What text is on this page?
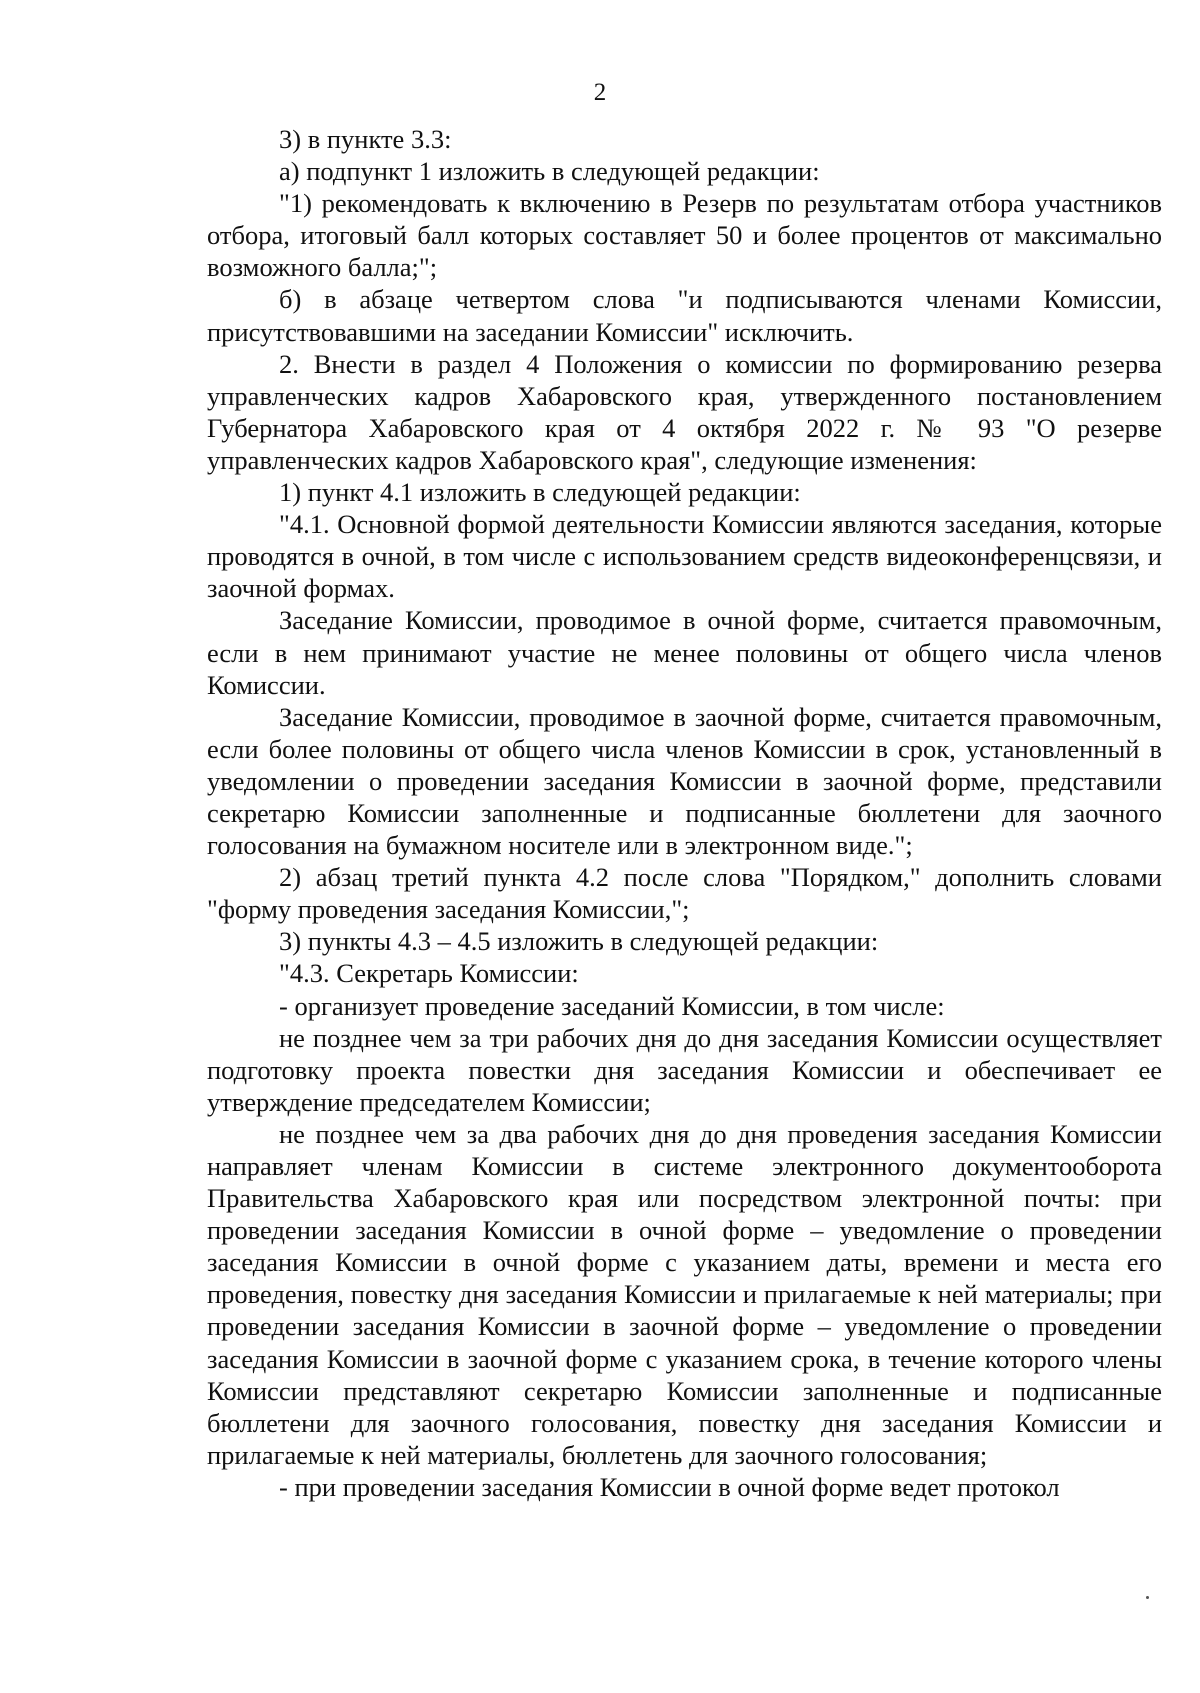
2

3) в пункте 3.3:

а) подпункт 1 изложить в следующей редакции:

"1) рекомендовать к включению в Резерв по результатам отбора участников отбора, итоговый балл которых составляет 50 и более процентов от максимально возможного балла;";

б) в абзаце четвертом слова "и подписываются членами Комиссии, присутствовавшими на заседании Комиссии" исключить.

2. Внести в раздел 4 Положения о комиссии по формированию резерва управленческих кадров Хабаровского края, утвержденного постановлением Губернатора Хабаровского края от 4 октября 2022 г. № 93 "О резерве управленческих кадров Хабаровского края", следующие изменения:

1) пункт 4.1 изложить в следующей редакции:

"4.1. Основной формой деятельности Комиссии являются заседания, которые проводятся в очной, в том числе с использованием средств видеоконференцсвязи, и заочной формах.

Заседание Комиссии, проводимое в очной форме, считается правомочным, если в нем принимают участие не менее половины от общего числа членов Комиссии.

Заседание Комиссии, проводимое в заочной форме, считается правомочным, если более половины от общего числа членов Комиссии в срок, установленный в уведомлении о проведении заседания Комиссии в заочной форме, представили секретарю Комиссии заполненные и подписанные бюллетени для заочного голосования на бумажном носителе или в электронном виде.";

2) абзац третий пункта 4.2 после слова "Порядком," дополнить словами "форму проведения заседания Комиссии,";

3) пункты 4.3 – 4.5 изложить в следующей редакции:

"4.3. Секретарь Комиссии:

- организует проведение заседаний Комиссии, в том числе:

не позднее чем за три рабочих дня до дня заседания Комиссии осуществляет подготовку проекта повестки дня заседания Комиссии и обеспечивает ее утверждение председателем Комиссии;

не позднее чем за два рабочих дня до дня проведения заседания Комиссии направляет членам Комиссии в системе электронного документооборота Правительства Хабаровского края или посредством электронной почты: при проведении заседания Комиссии в очной форме – уведомление о проведении заседания Комиссии в очной форме с указанием даты, времени и места его проведения, повестку дня заседания Комиссии и прилагаемые к ней материалы; при проведении заседания Комиссии в заочной форме – уведомление о проведении заседания Комиссии в заочной форме с указанием срока, в течение которого члены Комиссии представляют секретарю Комиссии заполненные и подписанные бюллетени для заочного голосования, повестку дня заседания Комиссии и прилагаемые к ней материалы, бюллетень для заочного голосования;

- при проведении заседания Комиссии в очной форме ведет протокол
